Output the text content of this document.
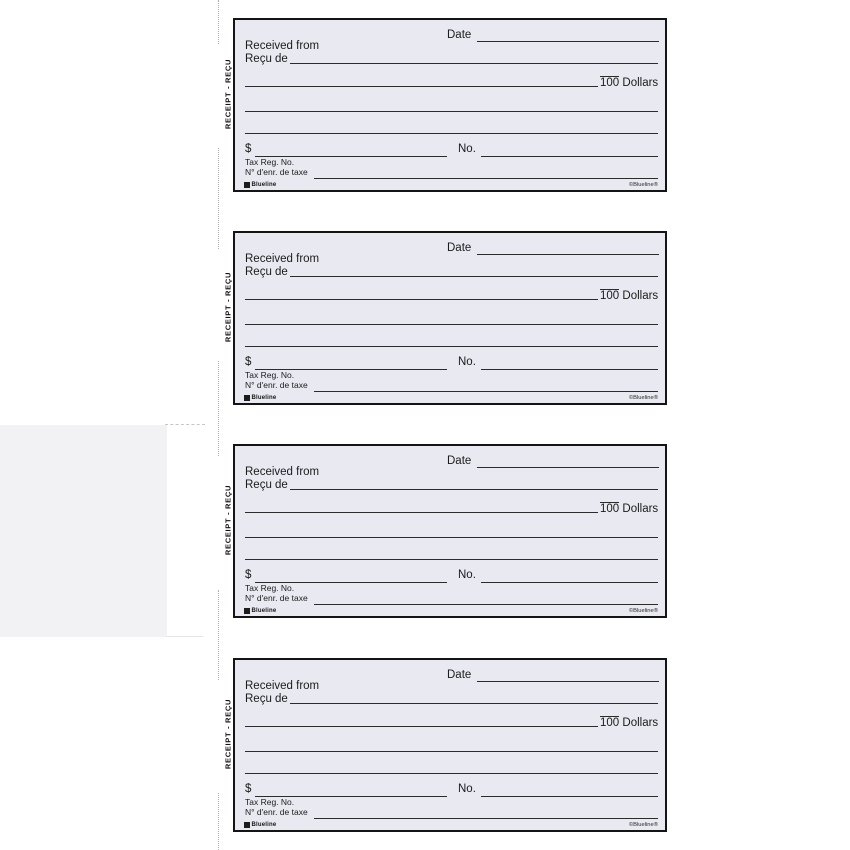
RECEIPT - REÇU
Date
Received from
Reçu de
100 Dollars
$	No.
Tax Reg. No.
N° d'enr. de taxe
Blueline	©Blueline®
RECEIPT - REÇU
Date
Received from
Reçu de
100 Dollars
$	No.
Tax Reg. No.
N° d'enr. de taxe
Blueline	©Blueline®
RECEIPT - REÇU
Date
Received from
Reçu de
100 Dollars
$	No.
Tax Reg. No.
N° d'enr. de taxe
Blueline	©Blueline®
RECEIPT - REÇU
Date
Received from
Reçu de
100 Dollars
$	No.
Tax Reg. No.
N° d'enr. de taxe
Blueline	©Blueline®
